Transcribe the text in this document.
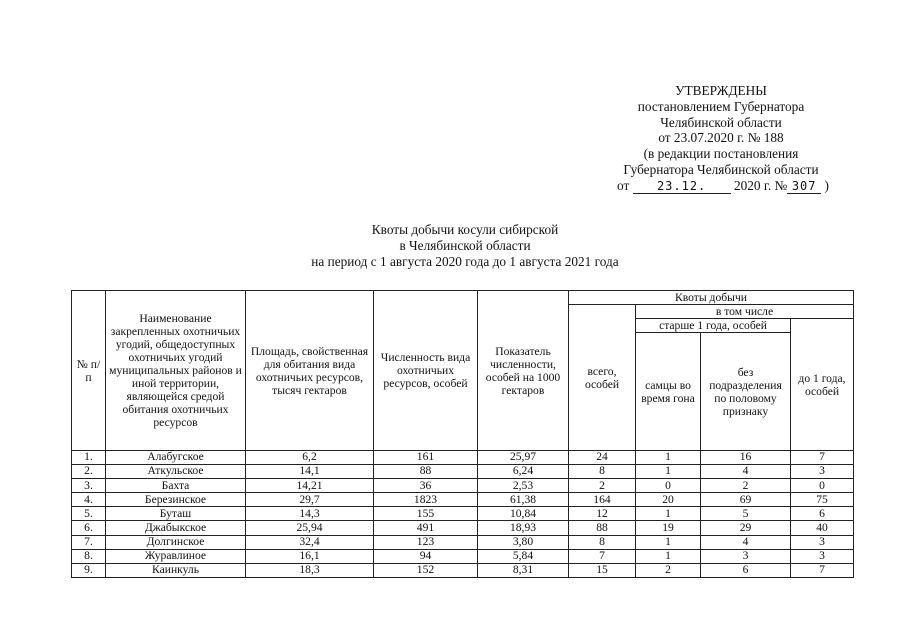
УТВЕРЖДЕНЫ
постановлением Губернатора
Челябинской области
от 23.07.2020 г. № 188
(в редакции постановления
Губернатора Челябинской области
от 23.12. 2020 г. № 307 )
Квоты добычи косули сибирской
в Челябинской области
на период с 1 августа 2020 года до 1 августа 2021 года
№ п/п	Наименование закрепленных охотничьих угодий, общедоступных охотничьих угодий муниципальных районов и иной территории, являющейся средой обитания охотничьих ресурсов	Площадь, свойственная для обитания вида охотничьих ресурсов, тысяч гектаров	Численность вида охотничьих ресурсов, особей	Показатель численности, особей на 1000 гектаров	Квоты добычи			
					всего, особей	в том числе		
						старше 1 года, особей		до 1 года, особей
						самцы во время гона	без подразделения по половому признаку	
1.	Алабугское	6,2	161	25,97	24	1	16	7
2.	Аткульское	14,1	88	6,24	8	1	4	3
3.	Бахта	14,21	36	2,53	2	0	2	0
4.	Березинское	29,7	1823	61,38	164	20	69	75
5.	Буташ	14,3	155	10,84	12	1	5	6
6.	Джабыкское	25,94	491	18,93	88	19	29	40
7.	Долгинское	32,4	123	3,80	8	1	4	3
8.	Журавлиное	16,1	94	5,84	7	1	3	3
9.	Каинкуль	18,3	152	8,31	15	2	6	7
